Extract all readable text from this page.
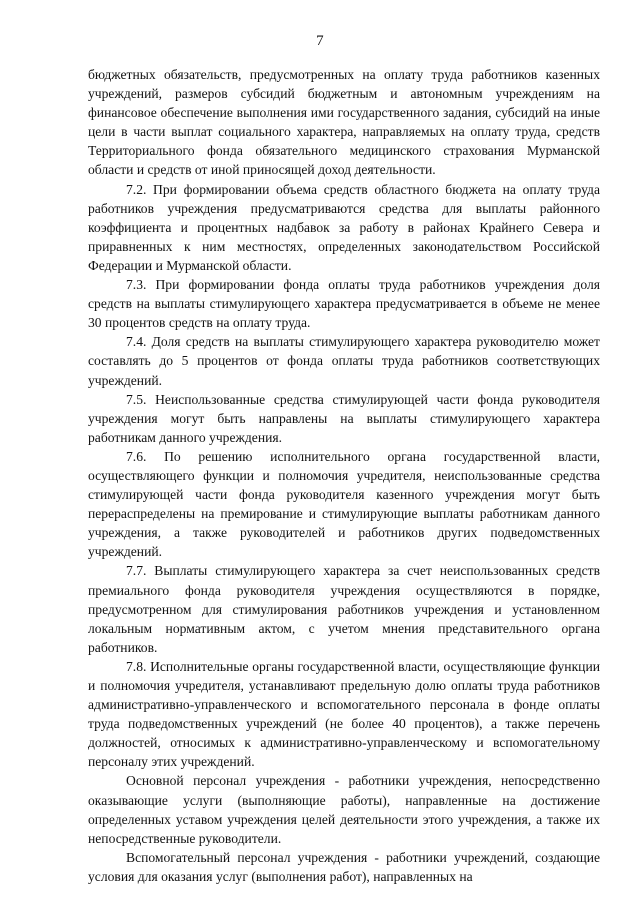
7

бюджетных обязательств, предусмотренных на оплату труда работников казенных учреждений, размеров субсидий бюджетным и автономным учреждениям на финансовое обеспечение выполнения ими государственного задания, субсидий на иные цели в части выплат социального характера, направляемых на оплату труда, средств Территориального фонда обязательного медицинского страхования Мурманской области и средств от иной приносящей доход деятельности.

7.2. При формировании объема средств областного бюджета на оплату труда работников учреждения предусматриваются средства для выплаты районного коэффициента и процентных надбавок за работу в районах Крайнего Севера и приравненных к ним местностях, определенных законодательством Российской Федерации и Мурманской области.

7.3. При формировании фонда оплаты труда работников учреждения доля средств на выплаты стимулирующего характера предусматривается в объеме не менее 30 процентов средств на оплату труда.

7.4. Доля средств на выплаты стимулирующего характера руководителю может составлять до 5 процентов от фонда оплаты труда работников соответствующих учреждений.

7.5. Неиспользованные средства стимулирующей части фонда руководителя учреждения могут быть направлены на выплаты стимулирующего характера работникам данного учреждения.

7.6. По решению исполнительного органа государственной власти, осуществляющего функции и полномочия учредителя, неиспользованные средства стимулирующей части фонда руководителя казенного учреждения могут быть перераспределены на премирование и стимулирующие выплаты работникам данного учреждения, а также руководителей и работников других подведомственных учреждений.

7.7. Выплаты стимулирующего характера за счет неиспользованных средств премиального фонда руководителя учреждения осуществляются в порядке, предусмотренном для стимулирования работников учреждения и установленном локальным нормативным актом, с учетом мнения представительного органа работников.

7.8. Исполнительные органы государственной власти, осуществляющие функции и полномочия учредителя, устанавливают предельную долю оплаты труда работников административно-управленческого и вспомогательного персонала в фонде оплаты труда подведомственных учреждений (не более 40 процентов), а также перечень должностей, относимых к административно-управленческому и вспомогательному персоналу этих учреждений.

Основной персонал учреждения - работники учреждения, непосредственно оказывающие услуги (выполняющие работы), направленные на достижение определенных уставом учреждения целей деятельности этого учреждения, а также их непосредственные руководители.

Вспомогательный персонал учреждения - работники учреждений, создающие условия для оказания услуг (выполнения работ), направленных на
